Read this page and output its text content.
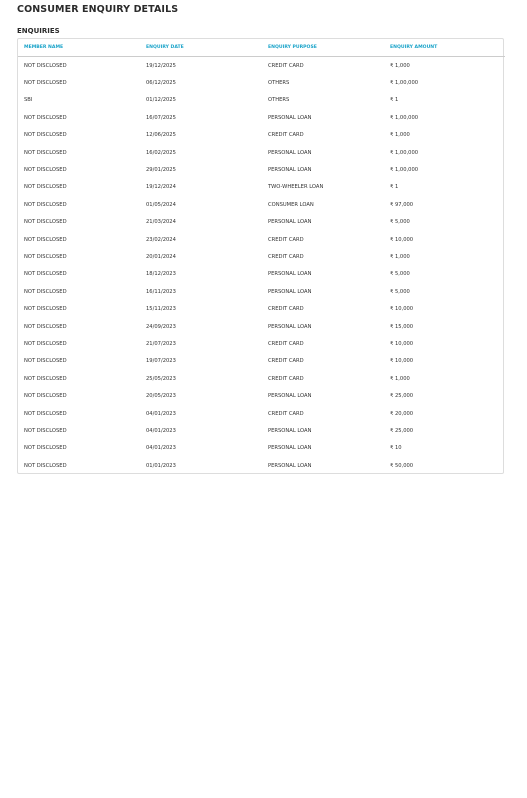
CONSUMER ENQUIRY DETAILS
ENQUIRIES
MEMBER NAME	ENQUIRY DATE	ENQUIRY PURPOSE	ENQUIRY AMOUNT
NOT DISCLOSED	19/12/2025	CREDIT CARD	₹ 1,000
NOT DISCLOSED	06/12/2025	OTHERS	₹ 1,00,000
SBI	01/12/2025	OTHERS	₹ 1
NOT DISCLOSED	16/07/2025	PERSONAL LOAN	₹ 1,00,000
NOT DISCLOSED	12/06/2025	CREDIT CARD	₹ 1,000
NOT DISCLOSED	16/02/2025	PERSONAL LOAN	₹ 1,00,000
NOT DISCLOSED	29/01/2025	PERSONAL LOAN	₹ 1,00,000
NOT DISCLOSED	19/12/2024	TWO-WHEELER LOAN	₹ 1
NOT DISCLOSED	01/05/2024	CONSUMER LOAN	₹ 97,000
NOT DISCLOSED	21/03/2024	PERSONAL LOAN	₹ 5,000
NOT DISCLOSED	23/02/2024	CREDIT CARD	₹ 10,000
NOT DISCLOSED	20/01/2024	CREDIT CARD	₹ 1,000
NOT DISCLOSED	18/12/2023	PERSONAL LOAN	₹ 5,000
NOT DISCLOSED	16/11/2023	PERSONAL LOAN	₹ 5,000
NOT DISCLOSED	15/11/2023	CREDIT CARD	₹ 10,000
NOT DISCLOSED	24/09/2023	PERSONAL LOAN	₹ 15,000
NOT DISCLOSED	21/07/2023	CREDIT CARD	₹ 10,000
NOT DISCLOSED	19/07/2023	CREDIT CARD	₹ 10,000
NOT DISCLOSED	25/05/2023	CREDIT CARD	₹ 1,000
NOT DISCLOSED	20/05/2023	PERSONAL LOAN	₹ 25,000
NOT DISCLOSED	04/01/2023	CREDIT CARD	₹ 20,000
NOT DISCLOSED	04/01/2023	PERSONAL LOAN	₹ 25,000
NOT DISCLOSED	04/01/2023	PERSONAL LOAN	₹ 10
NOT DISCLOSED	01/01/2023	PERSONAL LOAN	₹ 50,000
